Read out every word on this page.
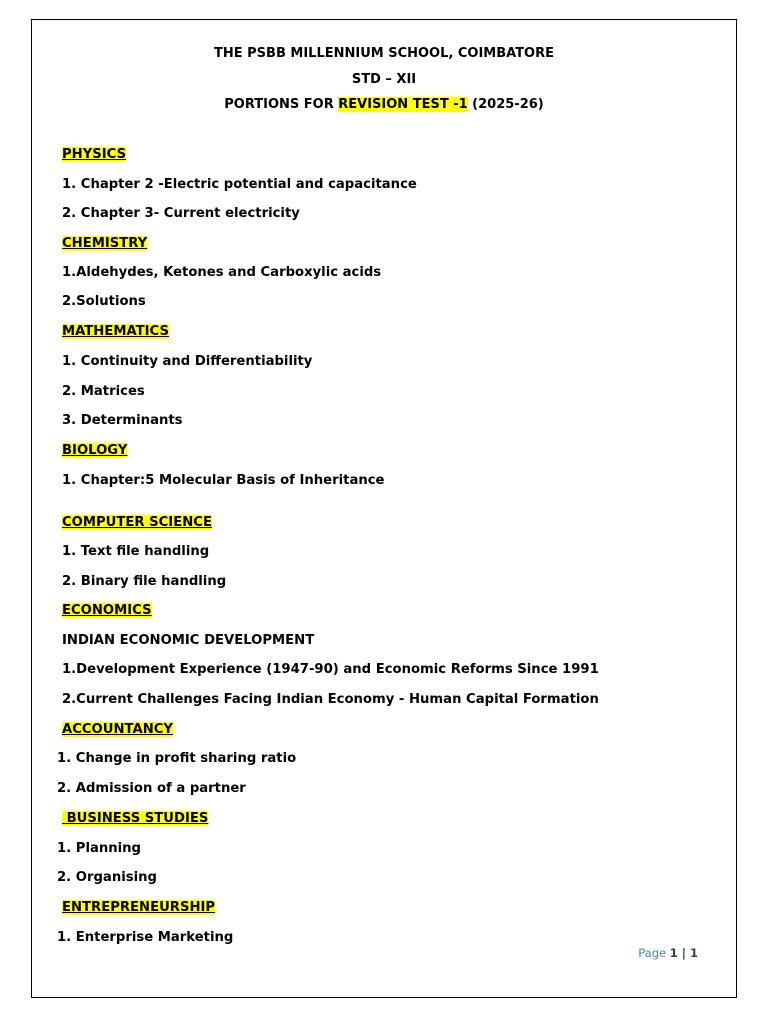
THE PSBB MILLENNIUM SCHOOL, COIMBATORE
STD – XII
PORTIONS FOR REVISION TEST -1 (2025-26)
PHYSICS
1. Chapter 2 -Electric potential and capacitance
2. Chapter 3- Current electricity
CHEMISTRY
1.Aldehydes, Ketones and Carboxylic acids
2.Solutions
MATHEMATICS
1. Continuity and Differentiability
2. Matrices
3. Determinants
BIOLOGY
1. Chapter:5 Molecular Basis of Inheritance
COMPUTER SCIENCE
1. Text file handling
2. Binary file handling
ECONOMICS
INDIAN ECONOMIC DEVELOPMENT
1.Development Experience (1947-90) and Economic Reforms Since 1991
2.Current Challenges Facing Indian Economy - Human Capital Formation
ACCOUNTANCY
1. Change in profit sharing ratio
2. Admission of a partner
BUSINESS STUDIES
1. Planning
2. Organising
ENTREPRENEURSHIP
1. Enterprise Marketing
Page 1 | 1
